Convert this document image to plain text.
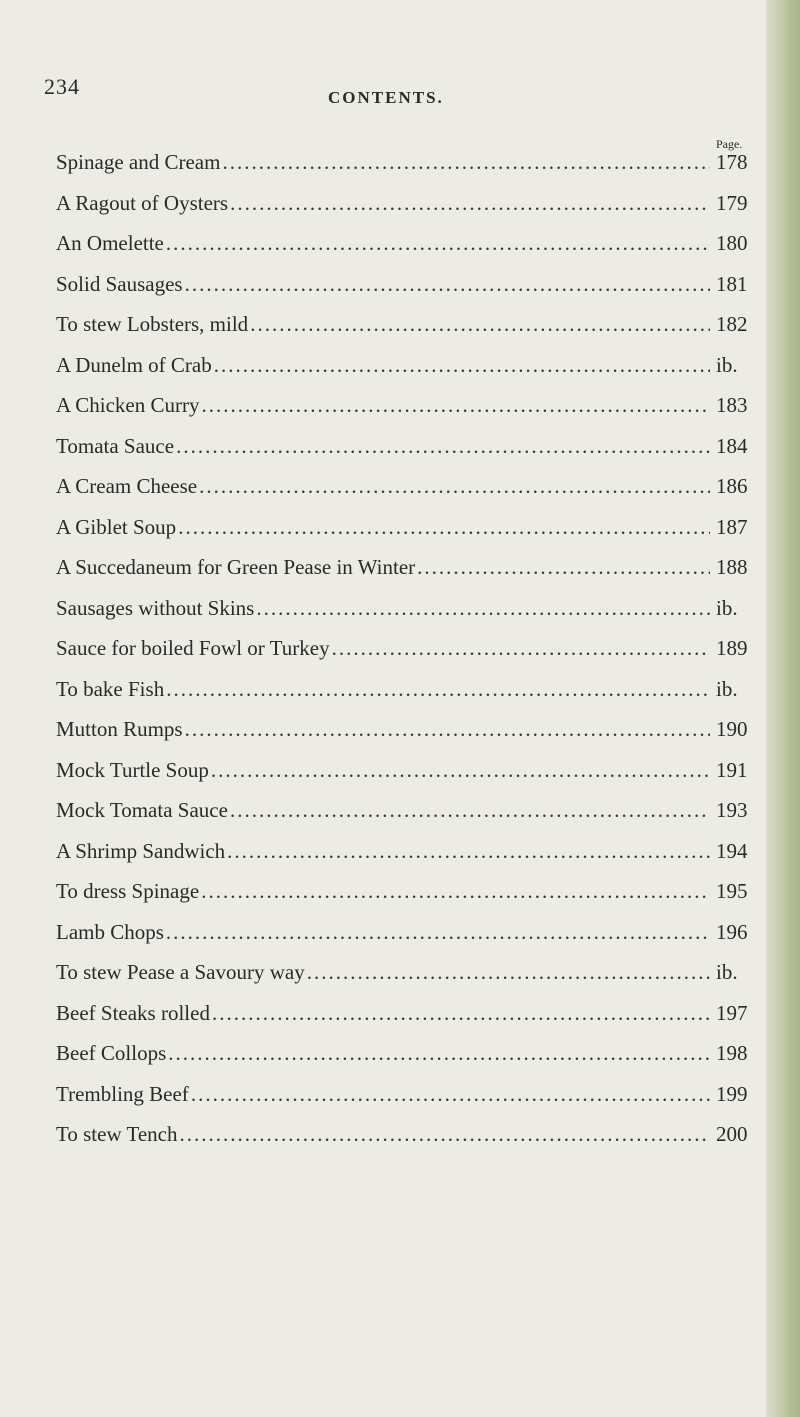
234	CONTENTS.
Page.
Spinage and Cream .....	178
A Ragout of Oysters .....	179
An Omelette .....	180
Solid Sausages .....	181
To stew Lobsters, mild .....	182
A Dunelm of Crab .....	ib.
A Chicken Curry .....	183
Tomata Sauce .....	184
A Cream Cheese .....	186
A Giblet Soup .....	187
A Succedaneum for Green Pease in Winter .....	188
Sausages without Skins .....	ib.
Sauce for boiled Fowl or Turkey .....	189
To bake Fish .....	ib.
Mutton Rumps .....	190
Mock Turtle Soup .....	191
Mock Tomata Sauce .....	193
A Shrimp Sandwich .....	194
To dress Spinage .....	195
Lamb Chops .....	196
To stew Pease a Savoury way .....	ib.
Beef Steaks rolled .....	197
Beef Collops .....	198
Trembling Beef .....	199
To stew Tench .....	200
